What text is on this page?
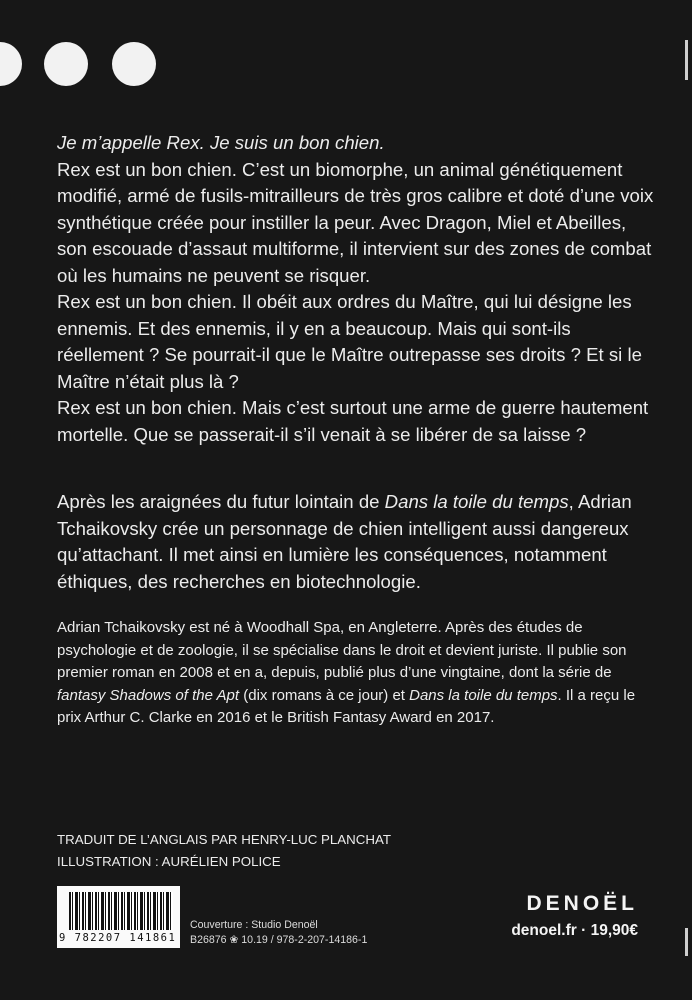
Je m’appelle Rex. Je suis un bon chien.
Rex est un bon chien. C’est un biomorphe, un animal génétiquement modifié, armé de fusils-mitrailleurs de très gros calibre et doté d’une voix synthétique créée pour instiller la peur. Avec Dragon, Miel et Abeilles, son escouade d’assaut multiforme, il intervient sur des zones de combat où les humains ne peuvent se risquer.
Rex est un bon chien. Il obéit aux ordres du Maître, qui lui désigne les ennemis. Et des ennemis, il y en a beaucoup. Mais qui sont-ils réellement ? Se pourrait-il que le Maître outrepasse ses droits ? Et si le Maître n’était plus là ?
Rex est un bon chien. Mais c’est surtout une arme de guerre hautement mortelle. Que se passerait-il s’il venait à se libérer de sa laisse ?

Après les araignées du futur lointain de Dans la toile du temps, Adrian Tchaikovsky crée un personnage de chien intelligent aussi dangereux qu’attachant. Il met ainsi en lumière les conséquences, notamment éthiques, des recherches en biotechnologie.

Adrian Tchaikovsky est né à Woodhall Spa, en Angleterre. Après des études de psychologie et de zoologie, il se spécialise dans le droit et devient juriste. Il publie son premier roman en 2008 et en a, depuis, publié plus d’une vingtaine, dont la série de fantasy Shadows of the Apt (dix romans à ce jour) et Dans la toile du temps. Il a reçu le prix Arthur C. Clarke en 2016 et le British Fantasy Award en 2017.

TRADUIT DE L’ANGLAIS PAR HENRY-LUC PLANCHAT
ILLUSTRATION : AURÉLIEN POLICE
9 782207 141861
Couverture : Studio Denoël
B26876 ❀ 10.19 / 978-2-207-14186-1
DENOËL
denoel.fr · 19,90€
